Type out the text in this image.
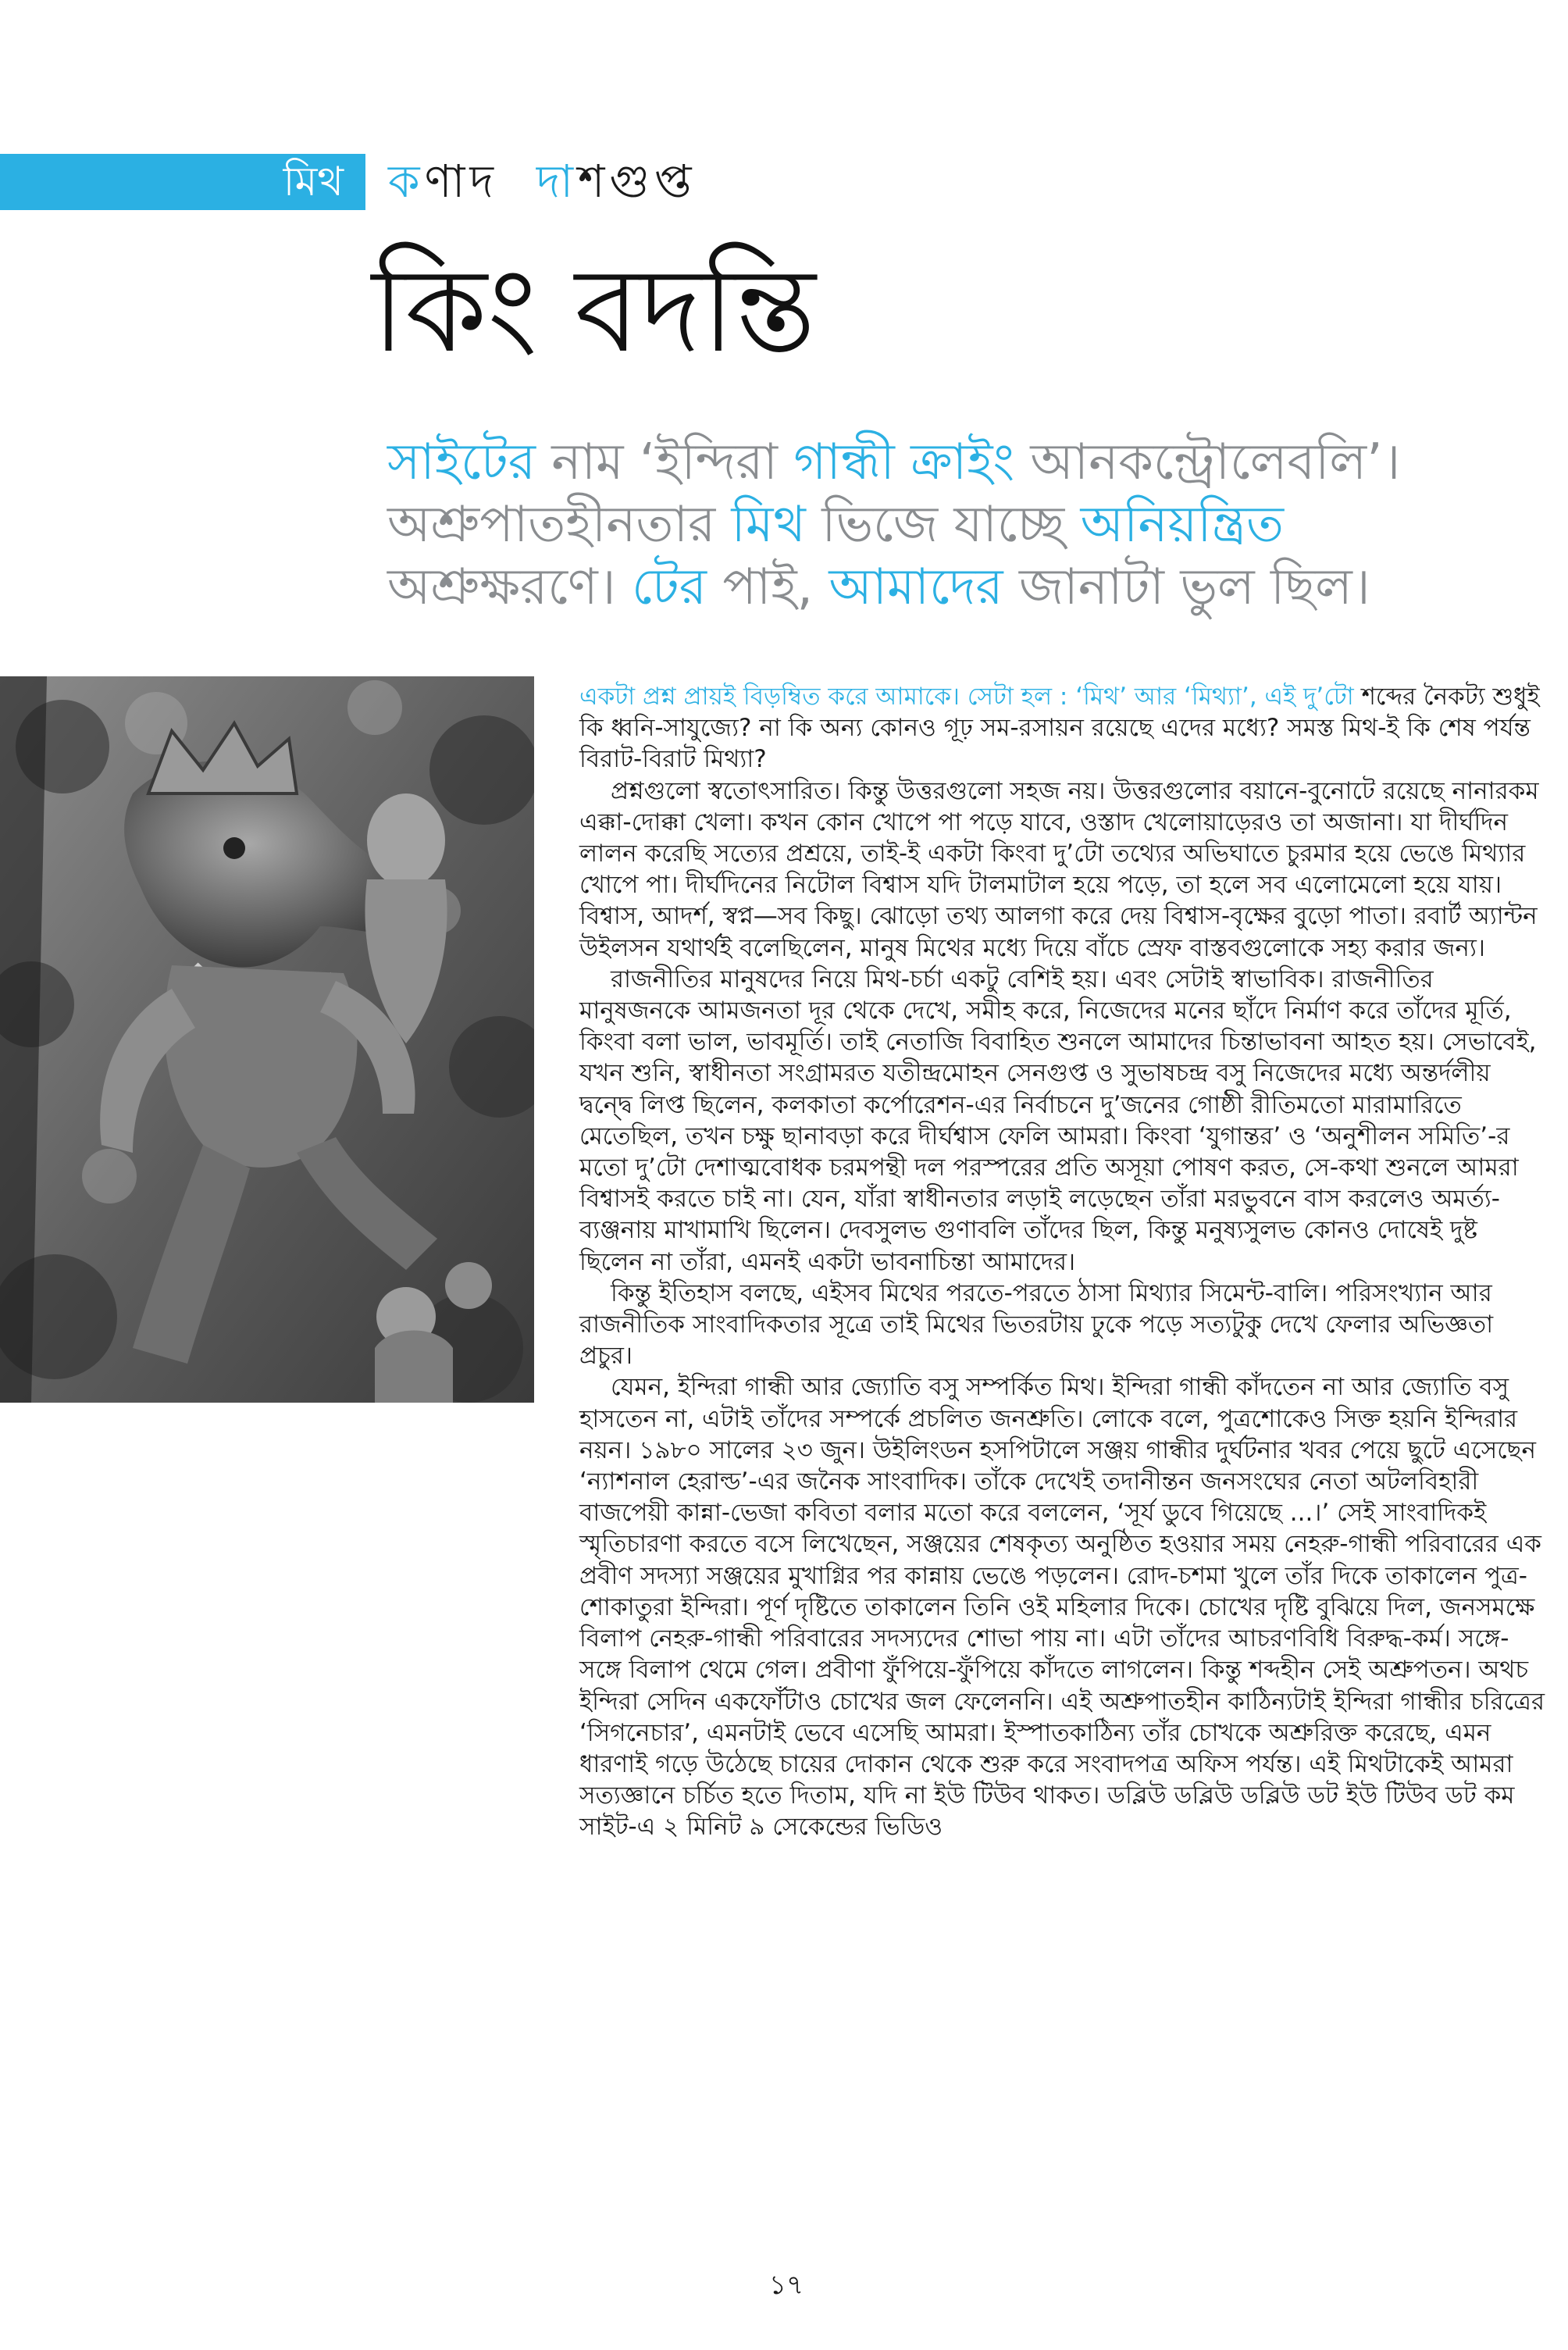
মিথ কণাদ দাশগুপ্ত
কিং বদন্তি
সাইটের নাম ‘ইন্দিরা গান্ধী ক্রাইং আনকন্ট্রোলেবলি’।
অশ্রুপাতহীনতার মিথ ভিজে যাচ্ছে অনিয়ন্ত্রিত
অশ্রুক্ষরণে। টের পাই, আমাদের জানাটা ভুল ছিল।

একটা প্রশ্ন প্রায়ই বিড়ম্বিত করে আমাকে। সেটা হল : ‘মিথ’ আর ‘মিথ্যা’, এই দু’টো শব্দের নৈকট্য শুধুই কি ধ্বনি-সাযুজ্যে? না কি অন্য কোনও গূঢ় সম-রসায়ন রয়েছে এদের মধ্যে? সমস্ত মিথ-ই কি শেষ পর্যন্ত বিরাট-বিরাট মিথ্যা?

প্রশ্নগুলো স্বতোৎসারিত। কিন্তু উত্তরগুলো সহজ নয়। উত্তরগুলোর বয়ানে-বুনোটে রয়েছে নানারকম এক্কা-দোক্কা খেলা। কখন কোন খোপে পা পড়ে যাবে, ওস্তাদ খেলোয়াড়েরও তা অজানা। যা দীর্ঘদিন লালন করেছি সত্যের প্রশ্রয়ে, তাই-ই একটা কিংবা দু’টো তথ্যের অভিঘাতে চুরমার হয়ে ভেঙে মিথ্যার খোপে পা। দীর্ঘদিনের নিটোল বিশ্বাস যদি টালমাটাল হয়ে পড়ে, তা হলে সব এলোমেলো হয়ে যায়। বিশ্বাস, আদর্শ, স্বপ্ন—সব কিছু। ঝোড়ো তথ্য আলগা করে দেয় বিশ্বাস-বৃক্ষের বুড়ো পাতা। রবার্ট অ্যান্টন উইলসন যথার্থই বলেছিলেন, মানুষ মিথের মধ্যে দিয়ে বাঁচে স্রেফ বাস্তবগুলোকে সহ্য করার জন্য।

রাজনীতির মানুষদের নিয়ে মিথ-চর্চা একটু বেশিই হয়। এবং সেটাই স্বাভাবিক। রাজনীতির মানুষজনকে আমজনতা দূর থেকে দেখে, সমীহ করে, নিজেদের মনের ছাঁদে নির্মাণ করে তাঁদের মূর্তি, কিংবা বলা ভাল, ভাবমূর্তি। তাই নেতাজি বিবাহিত শুনলে আমাদের চিন্তাভাবনা আহত হয়। সেভাবেই, যখন শুনি, স্বাধীনতা সংগ্রামরত যতীন্দ্রমোহন সেনগুপ্ত ও সুভাষচন্দ্র বসু নিজেদের মধ্যে অন্তর্দলীয় দ্বন্দ্বে লিপ্ত ছিলেন, কলকাতা কর্পোরেশন-এর নির্বাচনে দু’জনের গোষ্ঠী রীতিমতো মারামারিতে মেতেছিল, তখন চক্ষু ছানাবড়া করে দীর্ঘশ্বাস ফেলি আমরা। কিংবা ‘যুগান্তর’ ও ‘অনুশীলন সমিতি’-র মতো দু’টো দেশাত্মবোধক চরমপন্থী দল পরস্পরের প্রতি অসূয়া পোষণ করত, সে-কথা শুনলে আমরা বিশ্বাসই করতে চাই না। যেন, যাঁরা স্বাধীনতার লড়াই লড়েছেন তাঁরা মরভুবনে বাস করলেও অমর্ত্য-ব্যঞ্জনায় মাখামাখি ছিলেন। দেবসুলভ গুণাবলি তাঁদের ছিল, কিন্তু মনুষ্যসুলভ কোনও দোষেই দুষ্ট ছিলেন না তাঁরা, এমনই একটা ভাবনাচিন্তা আমাদের।

কিন্তু ইতিহাস বলছে, এইসব মিথের পরতে-পরতে ঠাসা মিথ্যার সিমেন্ট-বালি। পরিসংখ্যান আর রাজনীতিক সাংবাদিকতার সূত্রে তাই মিথের ভিতরটায় ঢুকে পড়ে সত্যটুকু দেখে ফেলার অভিজ্ঞতা প্রচুর।

যেমন, ইন্দিরা গান্ধী আর জ্যোতি বসু সম্পর্কিত মিথ। ইন্দিরা গান্ধী কাঁদতেন না আর জ্যোতি বসু হাসতেন না, এটাই তাঁদের সম্পর্কে প্রচলিত জনশ্রুতি। লোকে বলে, পুত্রশোকেও সিক্ত হয়নি ইন্দিরার নয়ন। ১৯৮০ সালের ২৩ জুন। উইলিংডন হসপিটালে সঞ্জয় গান্ধীর দুর্ঘটনার খবর পেয়ে ছুটে এসেছেন ‘ন্যাশনাল হেরাল্ড’-এর জনৈক সাংবাদিক। তাঁকে দেখেই তদানীন্তন জনসংঘের নেতা অটলবিহারী বাজপেয়ী কান্না-ভেজা কবিতা বলার মতো করে বললেন, ‘সূর্য ডুবে গিয়েছে ...।’ সেই সাংবাদিকই স্মৃতিচারণা করতে বসে লিখেছেন, সঞ্জয়ের শেষকৃত্য অনুষ্ঠিত হওয়ার সময় নেহরু-গান্ধী পরিবারের এক প্রবীণ সদস্যা সঞ্জয়ের মুখাগ্নির পর কান্নায় ভেঙে পড়লেন। রোদ-চশমা খুলে তাঁর দিকে তাকালেন পুত্র-শোকাতুরা ইন্দিরা। পূর্ণ দৃষ্টিতে তাকালেন তিনি ওই মহিলার দিকে। চোখের দৃষ্টি বুঝিয়ে দিল, জনসমক্ষে বিলাপ নেহরু-গান্ধী পরিবারের সদস্যদের শোভা পায় না। এটা তাঁদের আচরণবিধি বিরুদ্ধ-কর্ম। সঙ্গে-সঙ্গে বিলাপ থেমে গেল। প্রবীণা ফুঁপিয়ে-ফুঁপিয়ে কাঁদতে লাগলেন। কিন্তু শব্দহীন সেই অশ্রুপতন। অথচ ইন্দিরা সেদিন একফোঁটাও চোখের জল ফেলেননি। এই অশ্রুপাতহীন কাঠিন্যটাই ইন্দিরা গান্ধীর চরিত্রের ‘সিগনেচার’, এমনটাই ভেবে এসেছি আমরা। ইস্পাতকাঠিন্য তাঁর চোখকে অশ্রুরিক্ত করেছে, এমন ধারণাই গড়ে উঠেছে চায়ের দোকান থেকে শুরু করে সংবাদপত্র অফিস পর্যন্ত। এই মিথটাকেই আমরা সত্যজ্ঞানে চর্চিত হতে দিতাম, যদি না ইউ টিউব থাকত। ডব্লিউ ডব্লিউ ডব্লিউ ডট ইউ টিউব ডট কম সাইট-এ ২ মিনিট ৯ সেকেন্ডের ভিডিও

১৭
